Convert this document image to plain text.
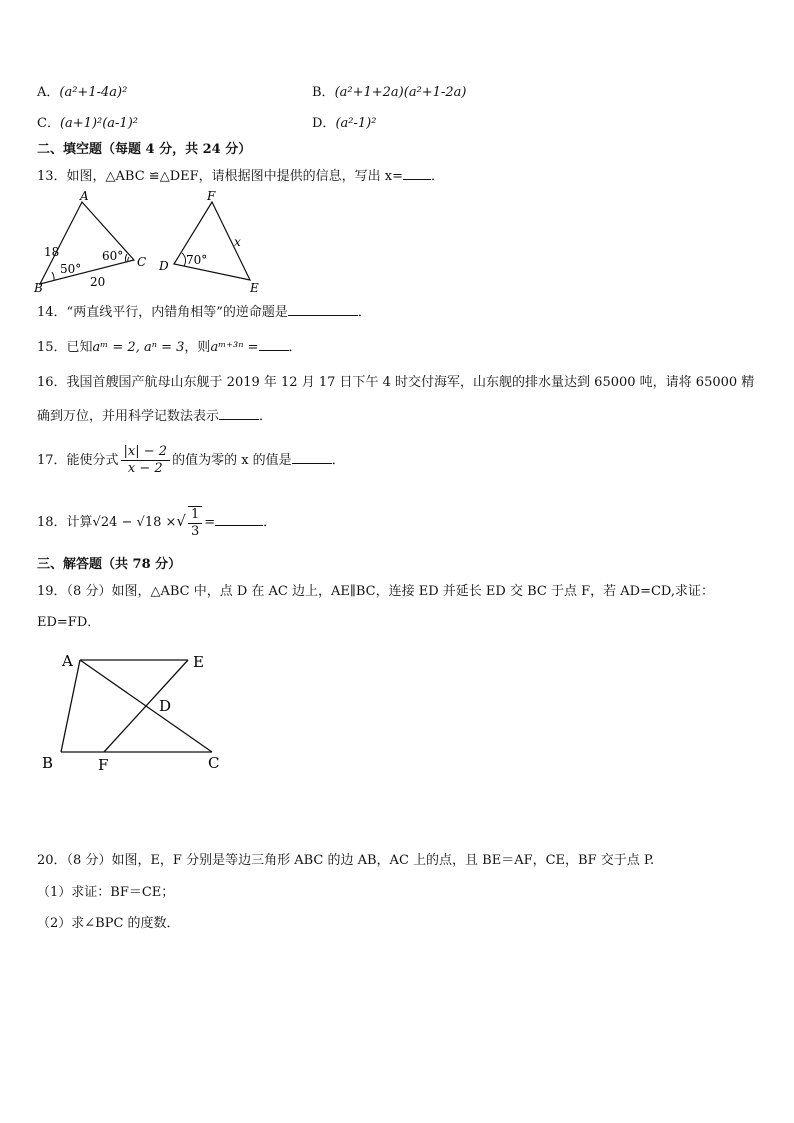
A．(a²+1-4a)²	B．(a²+1+2a)(a²+1-2a)
C．(a+1)²(a-1)²	D．(a²-1)²
二、填空题（每题 4 分，共 24 分）
13．如图，△ABC ≌△DEF，请根据图中提供的信息，写出 x= ．
A
B
C
18
20
50°
60°
F
D
E
x
70°
14．“两直线平行，内错角相等”的逆命题是	．
15．已知aᵐ = 2, aⁿ = 3，则aᵐ⁺³ⁿ = ．
16．我国首艘国产航母山东舰于 2019 年 12 月 17 日下午 4 时交付海军，山东舰的排水量达到 65000 吨，请将 65000 精
确到万位，并用科学记数法表示	．
17．能使分式 $\frac{|x| - 2}{x - 2}$ 的值为零的 x 的值是	．
18．计算√24 − √18 ×√ $\frac{1}{3}$ =	．
三、解答题（共 78 分）
19．（8 分）如图，△ABC 中，点 D 在 AC 边上，AE∥BC，连接 ED 并延长 ED 交 BC 于点 F，若 AD=CD,求证：
ED=FD．
A	E
D
B	F	C
20．（8 分）如图，E，F 分别是等边三角形 ABC 的边 AB，AC 上的点，且 BE＝AF，CE，BF 交于点 P.
（1）求证：BF＝CE；
（2）求∠BPC 的度数．
